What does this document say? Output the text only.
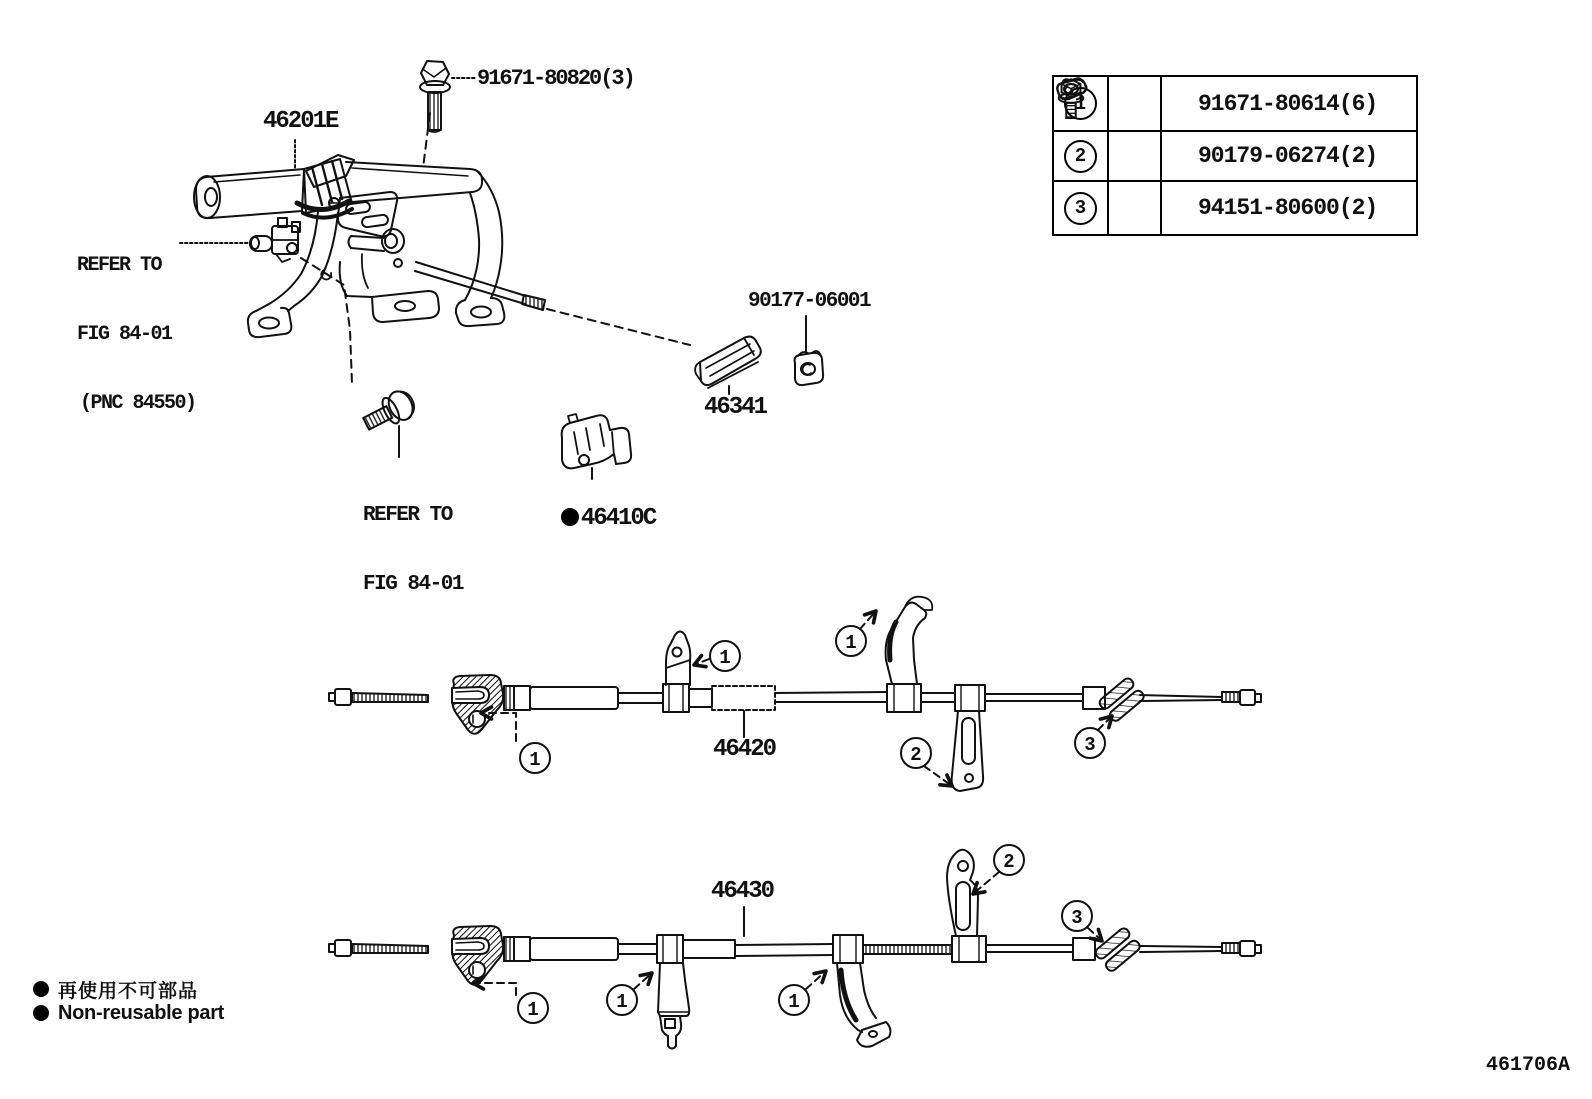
1
1
1
2	3
1	1	1
2
3
91671-80820(3)
46201E

REFER TO

FIG 84-01

(PNC 84550)

90177-06001
46341

REFER TO

FIG 84-01

46410C

46420
46430
1	91671-80614(6)
2	90179-06274(2)
3	94151-80600(2)
再使用不可部品
Non-reusable part
461706A
